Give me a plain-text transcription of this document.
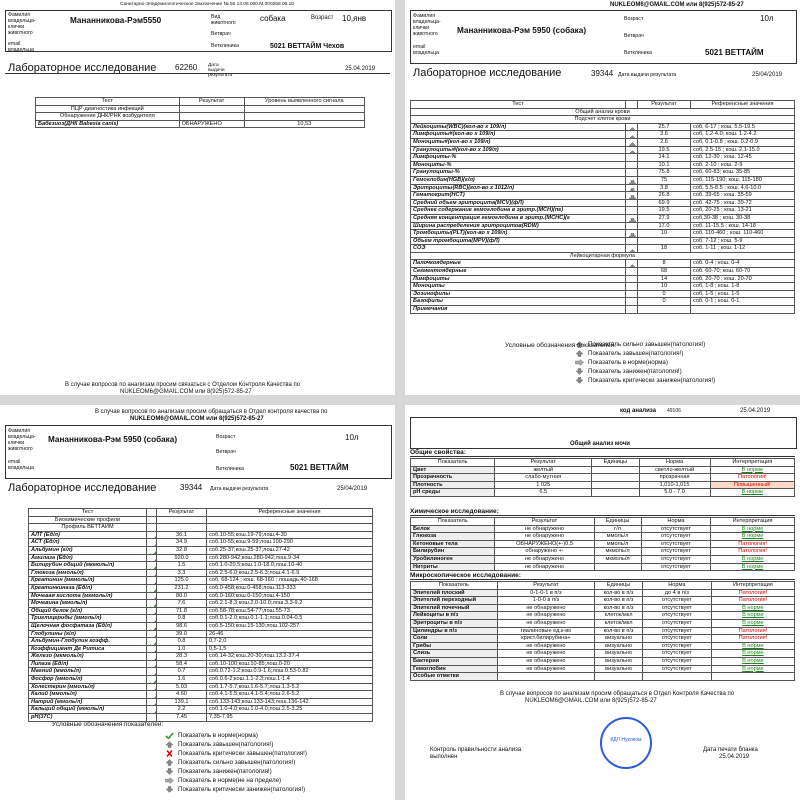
Санитарно-Эпидемиологическое Заключение № 50.13.06.000.М.000258.06.10
Фамилия владельца-клички животного
email владельца
Вид животного
Ветврач
Ветклиника
Возраст
Мананникова-Рэм5550	собака	10,янв
5021 ВЕТТАЙМ Чехов
Лабораторное исследование 62260 Дата выдачи результата
25.04.2019
Тест	Результат	Уровень выявленного сигнала
ПЦР-диагностика инфекций		
Обнаружение ДНК/РНК возбудителя		
Бабезиоз(ДНК Babesia canis)	ОБНАРУЖЕНО	10,53
В случае вопросов по анализам просим связаться с Отделом Контроля Качества по
NUKLEOM6@GMAIL.COM или 8(925)572-85-27
NUKLEOM6@GMAIL.COM или 8(925)572-85-27
Фамилия владельца-клички животного
email владельца
Возраст
Ветврач
Ветклиника
Мананникова-Рэм 5950 (собака)
10л
5021 ВЕТТАЙМ
Лабораторное исследование	39344 Дата выдачи результата	25/04/2019
Тест		Результат	Референсные значения
Общий анализ крови			
Подсчет клеток крови			
Лейкоциты(WBC)(кол-во х 109/л)		25.7	соб. 6-17 ; кош. 5.5-19.5
Лимфоциты#(кол-во х 109/л)		3.6	соб. 1.2-4.0; кош. 1.2-4.2
Моноциты#(кол-во х 109/л)		2.6	соб. 0.1-0.8 ; кош. 0.2-0.9
Гранулоциты#(кол-во х 109/л)		19.5	соб. 2.5-15 ; кош. 2.1-15.0
Лимфоциты-%		14.1	соб. 12-30 ; кош. 12-45
Моноциты-%		10.1	соб. 2-10 ; кош. 2-9
Гранулоциты-%		75.8	соб. 60-83; кош. 35-85
Гемоглобин(HGB)(г/л)		75	соб. 115-190; кош. 115-180
Эритроциты(RBC)(кол-во х 1012/л)		3.8	соб. 5.5-8.5 ; кош. 4.6-10.0
Гематокрит(HCT)		26.8	соб. 39-65 ; кош. 35-59
Средний объем эритроцита(MCV)(фЛ)		69.9	соб. 42-75 ; кош. 39-72
Среднее содержание гемоглобина в эритр.(MCH)(пг)		19.5	соб. 20-25 ; кош. 13-21
Средняя концентрация гемоглобина в эритр.(MCHC)(г		27.9	соб.30-38 ; кош. 30-38
Ширина распределения эритроцитов(RDW)		17.0	соб. 11-15.5 ; кош. 14-18
Тромбоциты(PLT)(кол-во х 109/л)		10	соб. 110-460 ; кош. 110-460
Объем тромбоцита(MPV)(фЛ)			соб. 7-12 ; кош. 5-9
СОЭ		18	соб. 1-11 ; кош. 1-12
Лейкоцитарная формула			
Палочкоядерные		8	соб. 0-4 ; кош. 0-4
Сегментоядерные		68	соб. 60-70; кош. 60-70
Лимфоциты		14	соб. 20-70 ; кош. 20-70
Моноциты		10	соб. 1-8 ; кош. 1-8
Эозинофилы		0	соб. 1-5 ; кош. 1-5
Базофилы		0	соб. 0-1 ; кош. 0-1
Примечания			
Показатель сильно завышен(патология!)
Показатель завышен(патология!)
Показатель в норме(норма)
Показатель занижен(патология!)
Показатель критически занижен(патология!)
Условные обозначения показателей:
В случае вопросов по анализам просим обращаться в Отдел контроля качества по
NUKLEOM6@GMAIL.COM или 8(925)572-85-27
Фамилия владельца-клички животного
email владельца
Возраст
Ветврач
Ветклиника
Мананникова-Рэм 5950 (собака)	10л
5021 ВЕТТАЙМ
Лабораторное исследование	39344 Дата выдачи результата	25/04/2019
Тест		Результат	Референсные значения
Биохимические профили			
Профиль ВЕТТАЙМ			
АЛТ (Ед/л)		36.1	соб.10-55;кош.19-79;лош.4-30
АСТ (Ед/л)		34.9	соб.10-55;кош.9-59;лош.100-290
Альбумин (г/л)		32.8	соб.25-37;кош.25-37;лош.27-42
Амилаза (Ед/л)		920.0	соб.280-942;кош.280-942;лош.9-34
Билирубин общий (мкмоль/л)		1.5	соб.1.0-20.5;кош.1.0-18.0;лош.10-40
Глюкоза (ммоль/л)		3.3	соб.2.5-6.0;кош.2.5-6.3;лош.4.1-6.9
Креатинин (мкмоль/л)		125.0	соб. 68-124 ; кош. 68-160 ; лошадь 40-168
Креатинкиназа (Ед/л)		231.2	соб.0-458;кош.0-458;лош.113-333
Мочевая кислота (мкмоль/л)		80.0	соб.0-160;кош.0-150;лош.4-150
Мочевина (ммоль/л)		7.6	соб.2.1-8.3;кош.2.0-10.0;лош.3.3-9.2
Общий белок (г/л)		71.8	соб.58-78;кош.54-77;лош.55-73
Триглицериды (ммоль/л)		0.8	соб.0.1-2.0;кош.0.1-1.1;лош.0.04-0.5
Щелочная фосфатаза (Ед/л)		98.6	соб.5-150;кош.15-130;лош.102-257
Глобулины (г/л)		39.0	26-46
Альбумин-Глобулин коэфф.		0.8	0,7-2,0
Коэффициент Де Ритиса		1.0	0,5-1,5
Железо (мкмоль/л)		28.3	соб.14-32;кош.20-30;лош.13.2-37.4
Липаза (Ед/л)		58.4	соб.10-100;кош.10-85;лош.0-20
Магний (ммоль/л)		0.7	соб.0.72-1.2;кош.0.9-1.6;лош.0.53-0.82
Фосфор (ммоль/л)		1.6	соб.0.6-2;кош.1.1-2.3;лош.1-1.4
Холестерин (ммоль/л)		5.03	соб.1.7-5.7;кош.1.6-5.7;лош.1.3-5.2
Калий (ммоль/л)		4.60	соб.4.1-5.5;кош.4.1-5.4;лош.2.6-5.2
Натрий (ммоль/л)		139.1	соб.133-143;кош.133-143;лош.136-142
Кальций общий (ммоль/л)		2.2	соб.1.0-4.0;кош.1.0-4.0;лош.2.5-3.25
pH(37C)		7.45	7.35-7.95
Условные обозначения показателей:
Показатель в норме(норма)
Показатель завышен(патология!)
Показатель критически завышен(патология!)
Показатель сильно завышен(патология!)
Показатель занижен(патология!)
Показатель в норме(не на пределе)
Показатель критически занижен(патология!)
код анализа 49106	25.04.2019
Общий анализ мочи
Общие свойства:
Показатель	Результат	Единицы	Норма	Интерпретация
Цвет	желтый		светло-желтый	В норме
Прозрачность	слабо-мутная		прозрачная	Патология!
Плотность	1 025		1,010-1,015	Повышенный!
pH среды	6.5		5.0 - 7.0	В норме
Химическое исследование:
Показатель	Результат	Единицы	Норма	Интерпретация
Белок	не обнаружено	г/л	отсутствует	В норме
Глюкоза	не обнаружено	ммоль/л	отсутствует	В норме
Кетоновые тела	ОБНАРУЖЕНО(+-)0,5	ммоль/л	отсутствует	Патология!
Билирубин	обнаружено +-	мкмоль/л	отсутствует	Патология!
Уробилиноген	не обнаружено	мкмоль/л	отсутствует	В норме
Нитриты	не обнаружено		отсутствует	В норме
Микроскопическое исследование:
Показатель	Результат	Единицы	Норма	Интерпретация
Эпителий плоский	0-1-0-1 в п/з	кол-во в п/з	до 4 в п/з	Патология!
Эпителий переходный	1-0-0 в п/з	кол-во в п/з	отсутствует	Патология!
Эпителий почечный	не обнаружено	кол-во в п/з	отсутствует	В норме
Лейкоциты в п/з	не обнаружено	клеток/мкл	отсутствует	В норме
Эритроциты в п/з	не обнаружено	клеток/мкл	отсутствует	В норме
Цилиндры в п/з	гиалиновые ед.к-во	кол-во в п/з	отсутствует	Патология!
Соли	крист.билирубина+	визуально	отсутствует	Патология!
Грибы	не обнаружено	визуально	отсутствует	В норме
Слизь	не обнаружено	визуально	отсутствует	В норме
Бактерии	не обнаружено	визуально	отсутствует	В норме
Гемоглобин	не обнаружено	визуально	отсутствует	В норме
Особые отметки				
В случае вопросов по анализам просим обращаться в Отдел Контроля Качества по
NUKLEOM6@GMAIL.COM или 8(925)572-85-27
Контроль правильности анализа
выполнен
КДЛ Нуклеом
Дата печати бланка
25.04.2019
